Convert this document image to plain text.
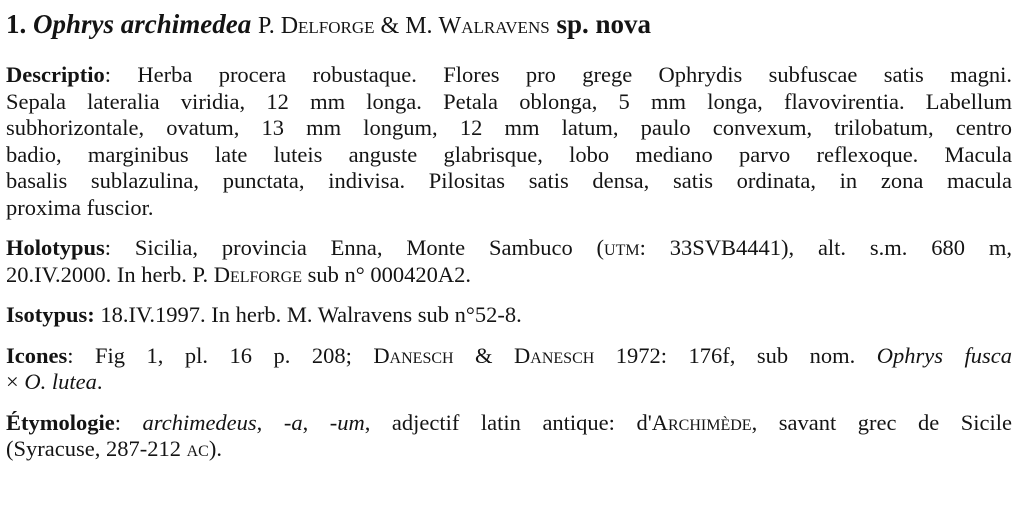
1. Ophrys archimedea P. Delforge & M. Walravens sp. nova
Descriptio: Herba procera robustaque. Flores pro grege Ophrydis subfuscae satis magni.
Sepala lateralia viridia, 12 mm longa. Petala oblonga, 5 mm longa, flavovirentia. Labellum
subhorizontale, ovatum, 13 mm longum, 12 mm latum, paulo convexum, trilobatum, centro
badio, marginibus late luteis anguste glabrisque, lobo mediano parvo reflexoque. Macula
basalis sublazulina, punctata, indivisa. Pilositas satis densa, satis ordinata, in zona macula
proxima fuscior.
Holotypus: Sicilia, provincia Enna, Monte Sambuco (utm: 33SVB4441), alt. s.m. 680 m,
20.IV.2000. In herb. P. Delforge sub n° 000420A2.
Isotypus: 18.IV.1997. In herb. M. Walravens sub n°52-8.
Icones: Fig 1, pl. 16 p. 208; Danesch & Danesch 1972: 176f, sub nom. Ophrys fusca
× O. lutea.
Étymologie: archimedeus, -a, -um, adjectif latin antique: d'Archimède, savant grec de Sicile
(Syracuse, 287-212 ac).
